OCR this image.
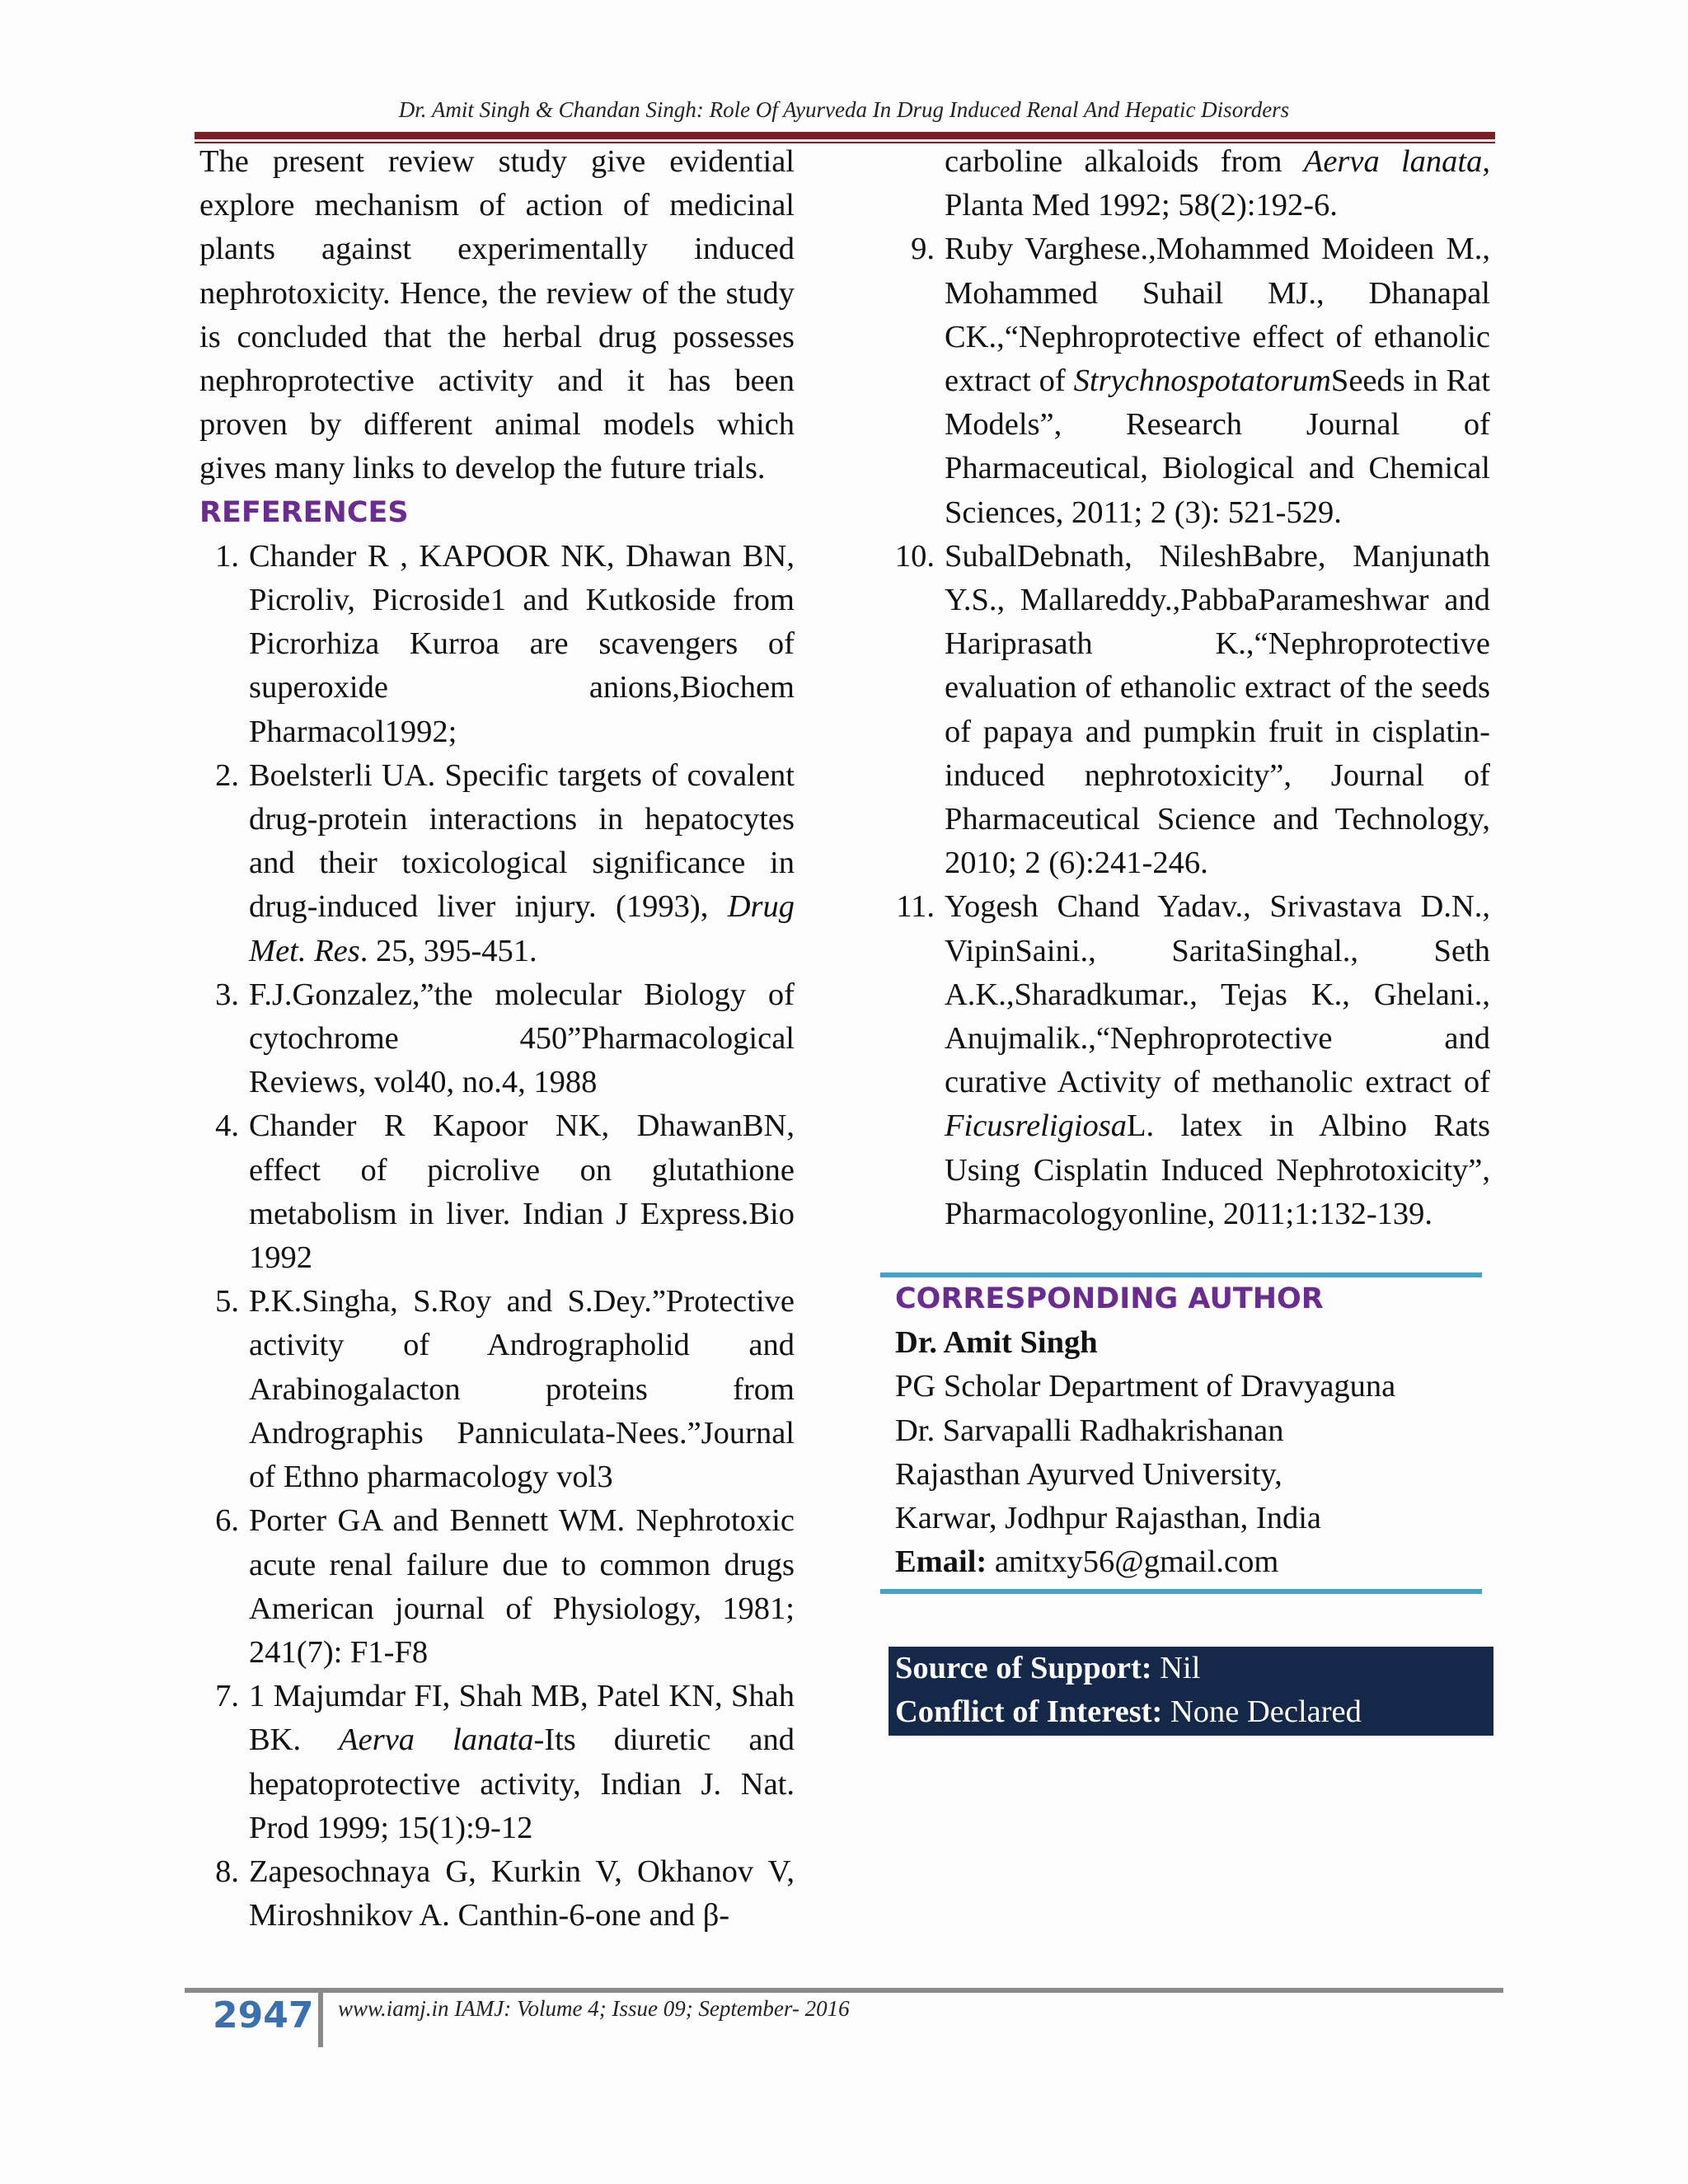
Dr. Amit Singh & Chandan Singh: Role Of Ayurveda In Drug Induced Renal And Hepatic Disorders

The present review study give evidential explore mechanism of action of medicinal plants against experimentally induced nephrotoxicity. Hence, the review of the study is concluded that the herbal drug possesses nephroprotective activity and it has been proven by different animal models which gives many links to develop the future trials.

REFERENCES

1. Chander R , KAPOOR NK, Dhawan BN, Picroliv, Picroside1 and Kutkoside from Picrorhiza Kurroa are scavengers of superoxide anions,Biochem Pharmacol1992;
2. Boelsterli UA. Specific targets of covalent drug-protein interactions in hepatocytes and their toxicological significance in drug-induced liver injury. (1993), Drug Met. Res. 25, 395-451.
3. F.J.Gonzalez,”the molecular Biology of cytochrome 450”Pharmacological Reviews, vol40, no.4, 1988
4. Chander R Kapoor NK, DhawanBN, effect of picrolive on glutathione metabolism in liver. Indian J Express.Bio 1992
5. P.K.Singha, S.Roy and S.Dey.”Protective activity of Andrographolid and Arabinogalacton proteins from Andrographis Panniculata-Nees.”Journal of Ethno pharmacology vol3
6. Porter GA and Bennett WM. Nephrotoxic acute renal failure due to common drugs American journal of Physiology, 1981; 241(7): F1-F8
7. 1 Majumdar FI, Shah MB, Patel KN, Shah BK. Aerva lanata-Its diuretic and hepatoprotective activity, Indian J. Nat. Prod 1999; 15(1):9-12
8. Zapesochnaya G, Kurkin V, Okhanov V, Miroshnikov A. Canthin-6-one and β-

carboline alkaloids from Aerva lanata, Planta Med 1992; 58(2):192-6.

9. Ruby Varghese.,Mohammed Moideen M., Mohammed Suhail MJ., Dhanapal CK.,“Nephroprotective effect of ethanolic extract of StrychnospotatorumSeeds in Rat Models”, Research Journal of Pharmaceutical, Biological and Chemical Sciences, 2011; 2 (3): 521-529.
10. SubalDebnath, NileshBabre, Manjunath Y.S., Mallareddy.,PabbaParameshwar and Hariprasath K.,“Nephroprotective evaluation of ethanolic extract of the seeds of papaya and pumpkin fruit in cisplatin-induced nephrotoxicity”, Journal of Pharmaceutical Science and Technology, 2010; 2 (6):241-246.
11. Yogesh Chand Yadav., Srivastava D.N., VipinSaini., SaritaSinghal., Seth A.K.,Sharadkumar., Tejas K., Ghelani., Anujmalik.,“Nephroprotective and curative Activity of methanolic extract of FicusreligiosaL. latex in Albino Rats Using Cisplatin Induced Nephrotoxicity”, Pharmacologyonline, 2011;1:132-139.

CORRESPONDING AUTHOR

Dr. Amit Singh
PG Scholar Department of Dravyaguna
Dr. Sarvapalli Radhakrishanan
Rajasthan Ayurved University,
Karwar, Jodhpur Rajasthan, India
Email: amitxy56@gmail.com
Source of Support: Nil
Conflict of Interest: None Declared
2947 www.iamj.in IAMJ: Volume 4; Issue 09; September- 2016
